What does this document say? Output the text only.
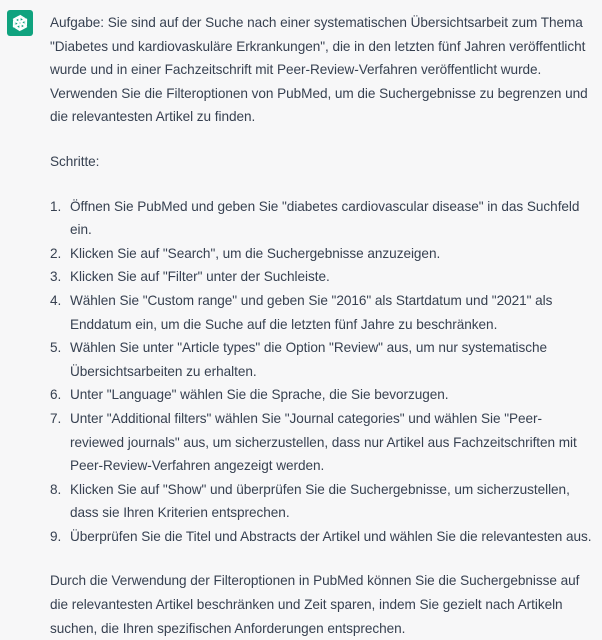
Aufgabe: Sie sind auf der Suche nach einer systematischen Übersichtsarbeit zum Thema "Diabetes und kardiovaskuläre Erkrankungen", die in den letzten fünf Jahren veröffentlicht wurde und in einer Fachzeitschrift mit Peer-Review-Verfahren veröffentlicht wurde. Verwenden Sie die Filteroptionen von PubMed, um die Suchergebnisse zu begrenzen und die relevantesten Artikel zu finden.

Schritte:

1. Öffnen Sie PubMed und geben Sie "diabetes cardiovascular disease" in das Suchfeld ein.
2. Klicken Sie auf "Search", um die Suchergebnisse anzuzeigen.
3. Klicken Sie auf "Filter" unter der Suchleiste.
4. Wählen Sie "Custom range" und geben Sie "2016" als Startdatum und "2021" als Enddatum ein, um die Suche auf die letzten fünf Jahre zu beschränken.
5. Wählen Sie unter "Article types" die Option "Review" aus, um nur systematische Übersichtsarbeiten zu erhalten.
6. Unter "Language" wählen Sie die Sprache, die Sie bevorzugen.
7. Unter "Additional filters" wählen Sie "Journal categories" und wählen Sie "Peer-reviewed journals" aus, um sicherzustellen, dass nur Artikel aus Fachzeitschriften mit Peer-Review-Verfahren angezeigt werden.
8. Klicken Sie auf "Show" und überprüfen Sie die Suchergebnisse, um sicherzustellen, dass sie Ihren Kriterien entsprechen.
9. Überprüfen Sie die Titel und Abstracts der Artikel und wählen Sie die relevantesten aus.

Durch die Verwendung der Filteroptionen in PubMed können Sie die Suchergebnisse auf die relevantesten Artikel beschränken und Zeit sparen, indem Sie gezielt nach Artikeln suchen, die Ihren spezifischen Anforderungen entsprechen.
